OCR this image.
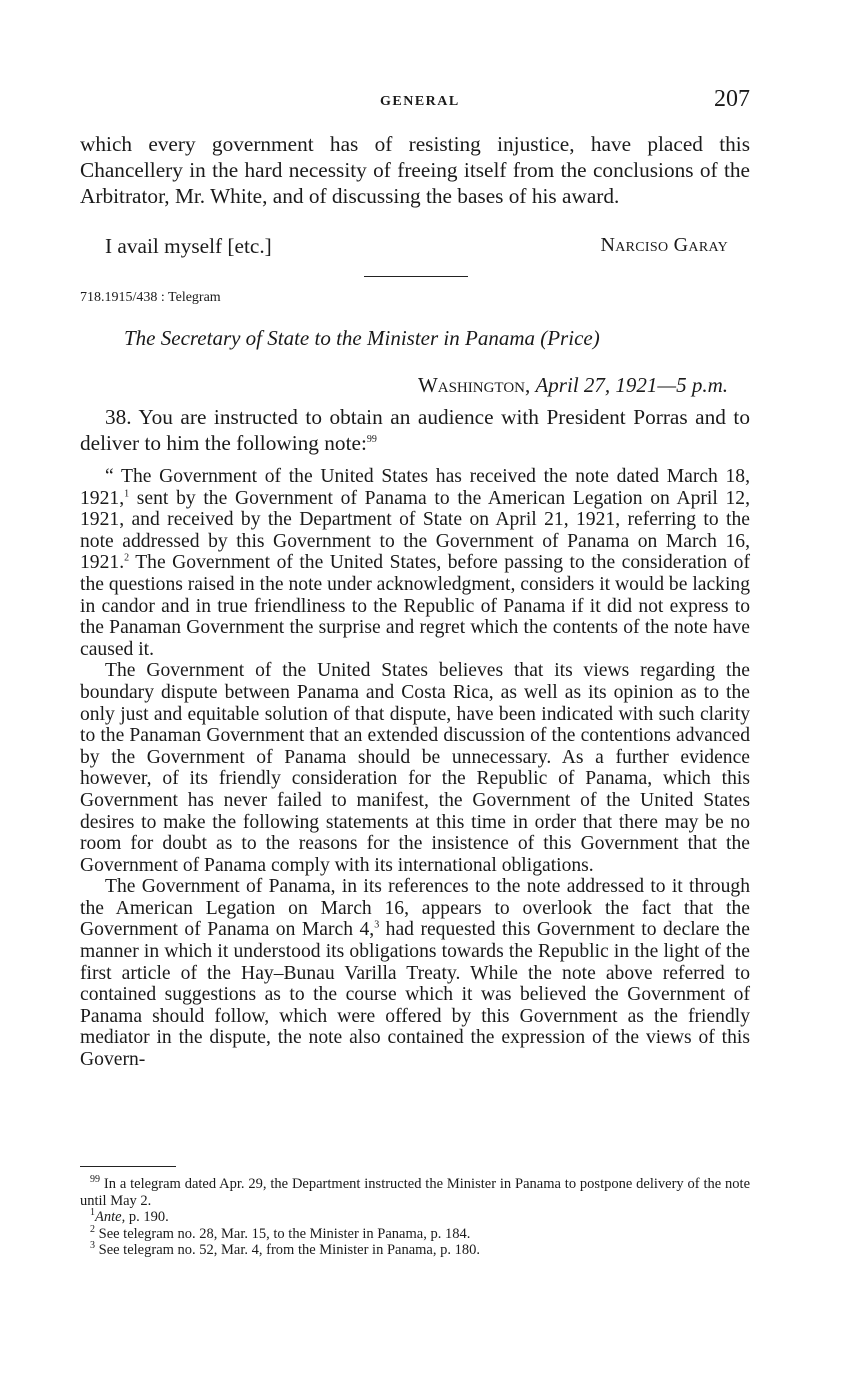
GENERAL	207
which every government has of resisting injustice, have placed this Chancellery in the hard necessity of freeing itself from the conclusions of the Arbitrator, Mr. White, and of discussing the bases of his award.
I avail myself [etc.]	Narciso Garay
718.1915/438 : Telegram
The Secretary of State to the Minister in Panama (Price)
Washington, April 27, 1921—5 p.m.
38. You are instructed to obtain an audience with President Porras and to deliver to him the following note:$^{99}$

“ The Government of the United States has received the note dated March 18, 1921,$^1$ sent by the Government of Panama to the American Legation on April 12, 1921, and received by the Department of State on April 21, 1921, referring to the note addressed by this Government to the Government of Panama on March 16, 1921.$^2$ The Government of the United States, before passing to the consideration of the questions raised in the note under acknowledgment, considers it would be lacking in candor and in true friendliness to the Republic of Panama if it did not express to the Panaman Government the surprise and regret which the contents of the note have caused it.

The Government of the United States believes that its views regarding the boundary dispute between Panama and Costa Rica, as well as its opinion as to the only just and equitable solution of that dispute, have been indicated with such clarity to the Panaman Government that an extended discussion of the contentions advanced by the Government of Panama should be unnecessary. As a further evidence however, of its friendly consideration for the Republic of Panama, which this Government has never failed to manifest, the Government of the United States desires to make the following statements at this time in order that there may be no room for doubt as to the reasons for the insistence of this Government that the Government of Panama comply with its international obligations.

The Government of Panama, in its references to the note addressed to it through the American Legation on March 16, appears to overlook the fact that the Government of Panama on March 4,$^3$ had requested this Government to declare the manner in which it understood its obligations towards the Republic in the light of the first article of the Hay–Bunau Varilla Treaty. While the note above referred to contained suggestions as to the course which it was believed the Government of Panama should follow, which were offered by this Government as the friendly mediator in the dispute, the note also contained the expression of the views of this Govern-

$^{99}$ In a telegram dated Apr. 29, the Department instructed the Minister in Panama to postpone delivery of the note until May 2.

$^1$Ante, p. 190.

$^2$ See telegram no. 28, Mar. 15, to the Minister in Panama, p. 184.

$^3$ See telegram no. 52, Mar. 4, from the Minister in Panama, p. 180.
